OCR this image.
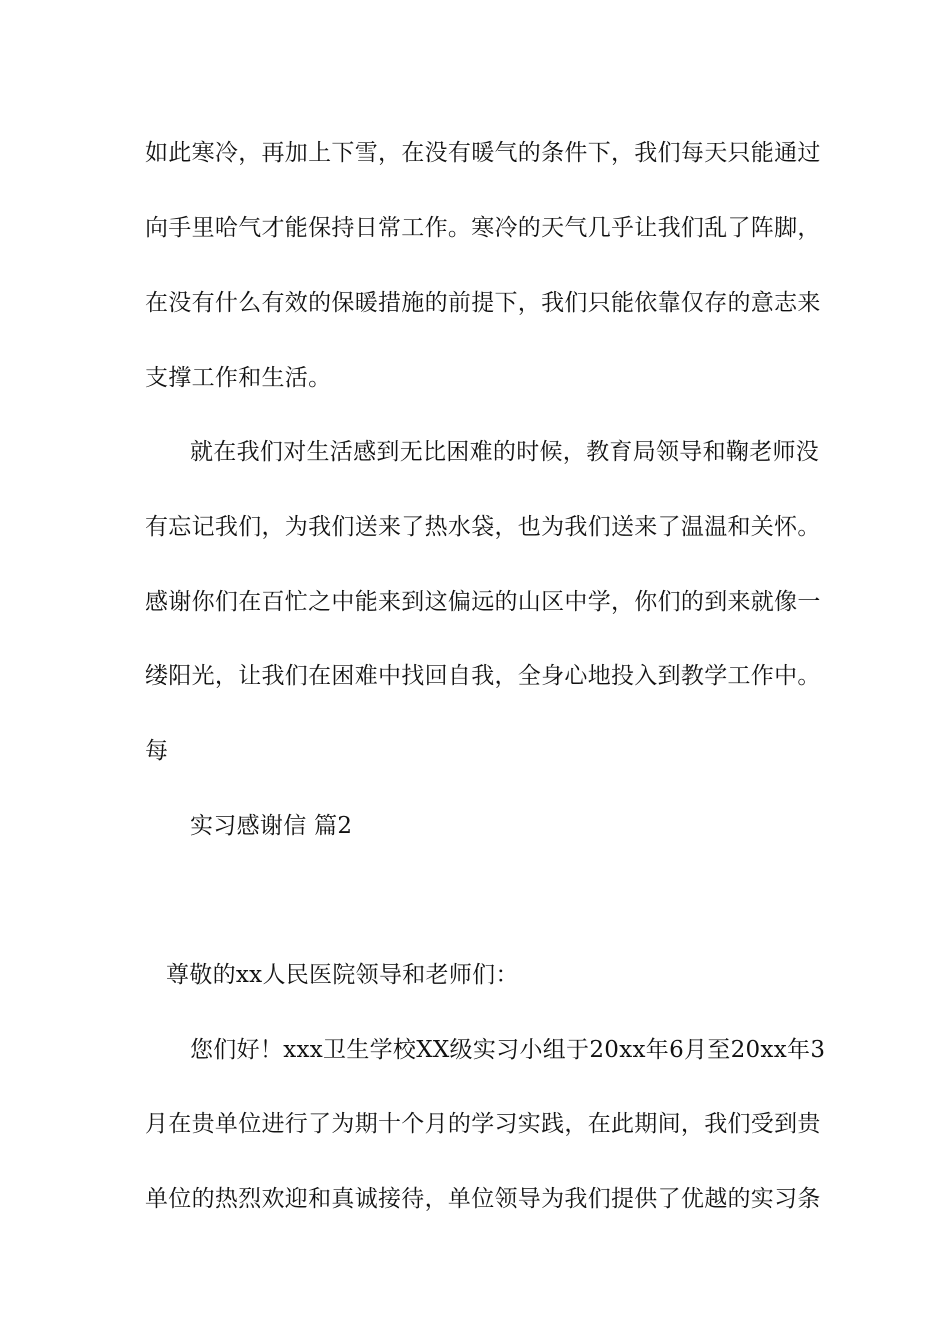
如此寒冷，再加上下雪，在没有暖气的条件下，我们每天只能通过
向手里哈气才能保持日常工作。寒冷的天气几乎让我们乱了阵脚，
在没有什么有效的保暖措施的前提下，我们只能依靠仅存的意志来
支撑工作和生活。
就在我们对生活感到无比困难的时候，教育局领导和鞠老师没
有忘记我们，为我们送来了热水袋，也为我们送来了温温和关怀。
感谢你们在百忙之中能来到这偏远的山区中学，你们的到来就像一
缕阳光，让我们在困难中找回自我，全身心地投入到教学工作中。
每
实习感谢信 篇2
尊敬的xx人民医院领导和老师们：
您们好！xxx卫生学校XX级实习小组于20xx年6月至20xx年3
月在贵单位进行了为期十个月的学习实践，在此期间，我们受到贵
单位的热烈欢迎和真诚接待，单位领导为我们提供了优越的实习条
